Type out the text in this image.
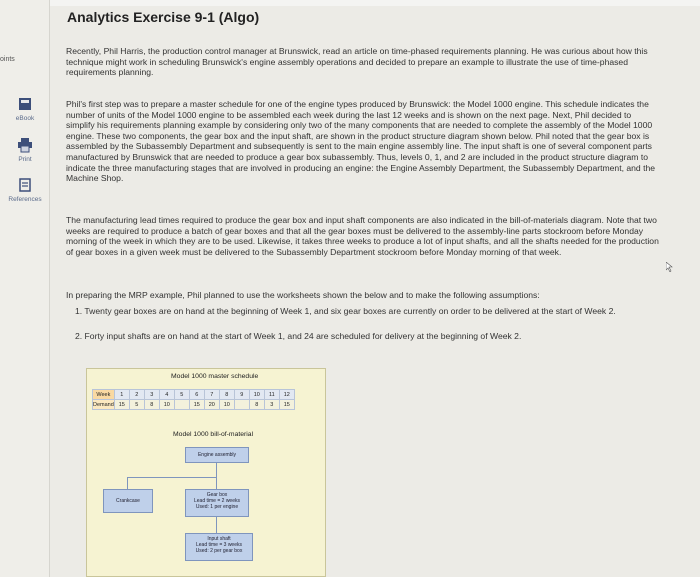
oints
eBook
Print
References
Analytics Exercise 9-1 (Algo)

Recently, Phil Harris, the production control manager at Brunswick, read an article on time-phased requirements planning. He was curious about how this technique might work in scheduling Brunswick's engine assembly operations and decided to prepare an example to illustrate the use of time-phased requirements planning.

Phil's first step was to prepare a master schedule for one of the engine types produced by Brunswick: the Model 1000 engine. This schedule indicates the number of units of the Model 1000 engine to be assembled each week during the last 12 weeks and is shown on the next page. Next, Phil decided to simplify his requirements planning example by considering only two of the many components that are needed to complete the assembly of the Model 1000 engine. These two components, the gear box and the input shaft, are shown in the product structure diagram shown below. Phil noted that the gear box is assembled by the Subassembly Department and subsequently is sent to the main engine assembly line. The input shaft is one of several component parts manufactured by Brunswick that are needed to produce a gear box subassembly. Thus, levels 0, 1, and 2 are included in the product structure diagram to indicate the three manufacturing stages that are involved in producing an engine: the Engine Assembly Department, the Subassembly Department, and the Machine Shop.

The manufacturing lead times required to produce the gear box and input shaft components are also indicated in the bill-of-materials diagram. Note that two weeks are required to produce a batch of gear boxes and that all the gear boxes must be delivered to the assembly-line parts stockroom before Monday morning of the week in which they are to be used. Likewise, it takes three weeks to produce a lot of input shafts, and all the shafts needed for the production of gear boxes in a given week must be delivered to the Subassembly Department stockroom before Monday morning of that week.

In preparing the MRP example, Phil planned to use the worksheets shown the below and to make the following assumptions:

1. Twenty gear boxes are on hand at the beginning of Week 1, and six gear boxes are currently on order to be delivered at the start of Week 2.
2. Forty input shafts are on hand at the start of Week 1, and 24 are scheduled for delivery at the beginning of Week 2.
Model 1000 master schedule
Week	1	2	3	4	5	6	7	8	9	10	11	12
Demand	15	5	8	10		15	20	10		8	3	15
Model 1000 bill-of-material
Engine assembly
Crankcase
Gear box
Lead time = 2 weeks
Used: 1 per engine
Input shaft
Lead time = 3 weeks
Used: 2 per gear box
